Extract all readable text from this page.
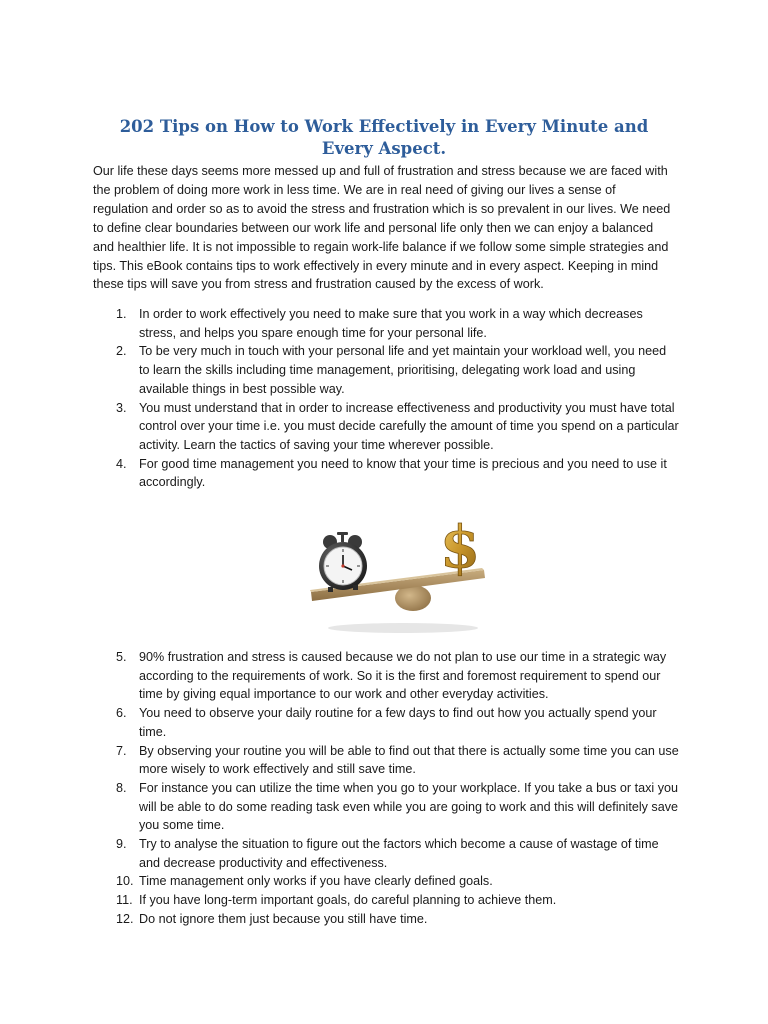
202 Tips on How to Work Effectively in Every Minute and Every Aspect.

Our life these days seems more messed up and full of frustration and stress because we are faced with the problem of doing more work in less time. We are in real need of giving our lives a sense of regulation and order so as to avoid the stress and frustration which is so prevalent in our lives. We need to define clear boundaries between our work life and personal life only then we can enjoy a balanced and healthier life. It is not impossible to regain work-life balance if we follow some simple strategies and tips. This eBook contains tips to work effectively in every minute and in every aspect. Keeping in mind these tips will save you from stress and frustration caused by the excess of work.

1. In order to work effectively you need to make sure that you work in a way which decreases stress, and helps you spare enough time for your personal life.
2. To be very much in touch with your personal life and yet maintain your workload well, you need to learn the skills including time management, prioritising, delegating work load and using available things in best possible way.
3. You must understand that in order to increase effectiveness and productivity you must have total control over your time i.e. you must decide carefully the amount of time you spend on a particular activity. Learn the tactics of saving your time wherever possible.
4. For good time management you need to know that your time is precious and you need to use it accordingly.
$
5. 90% frustration and stress is caused because we do not plan to use our time in a strategic way according to the requirements of work. So it is the first and foremost requirement to spend our time by giving equal importance to our work and other everyday activities.
6. You need to observe your daily routine for a few days to find out how you actually spend your time.
7. By observing your routine you will be able to find out that there is actually some time you can use more wisely to work effectively and still save time.
8. For instance you can utilize the time when you go to your workplace. If you take a bus or taxi you will be able to do some reading task even while you are going to work and this will definitely save you some time.
9. Try to analyse the situation to figure out the factors which become a cause of wastage of time and decrease productivity and effectiveness.
10. Time management only works if you have clearly defined goals.
11. If you have long-term important goals, do careful planning to achieve them.
12. Do not ignore them just because you still have time.
